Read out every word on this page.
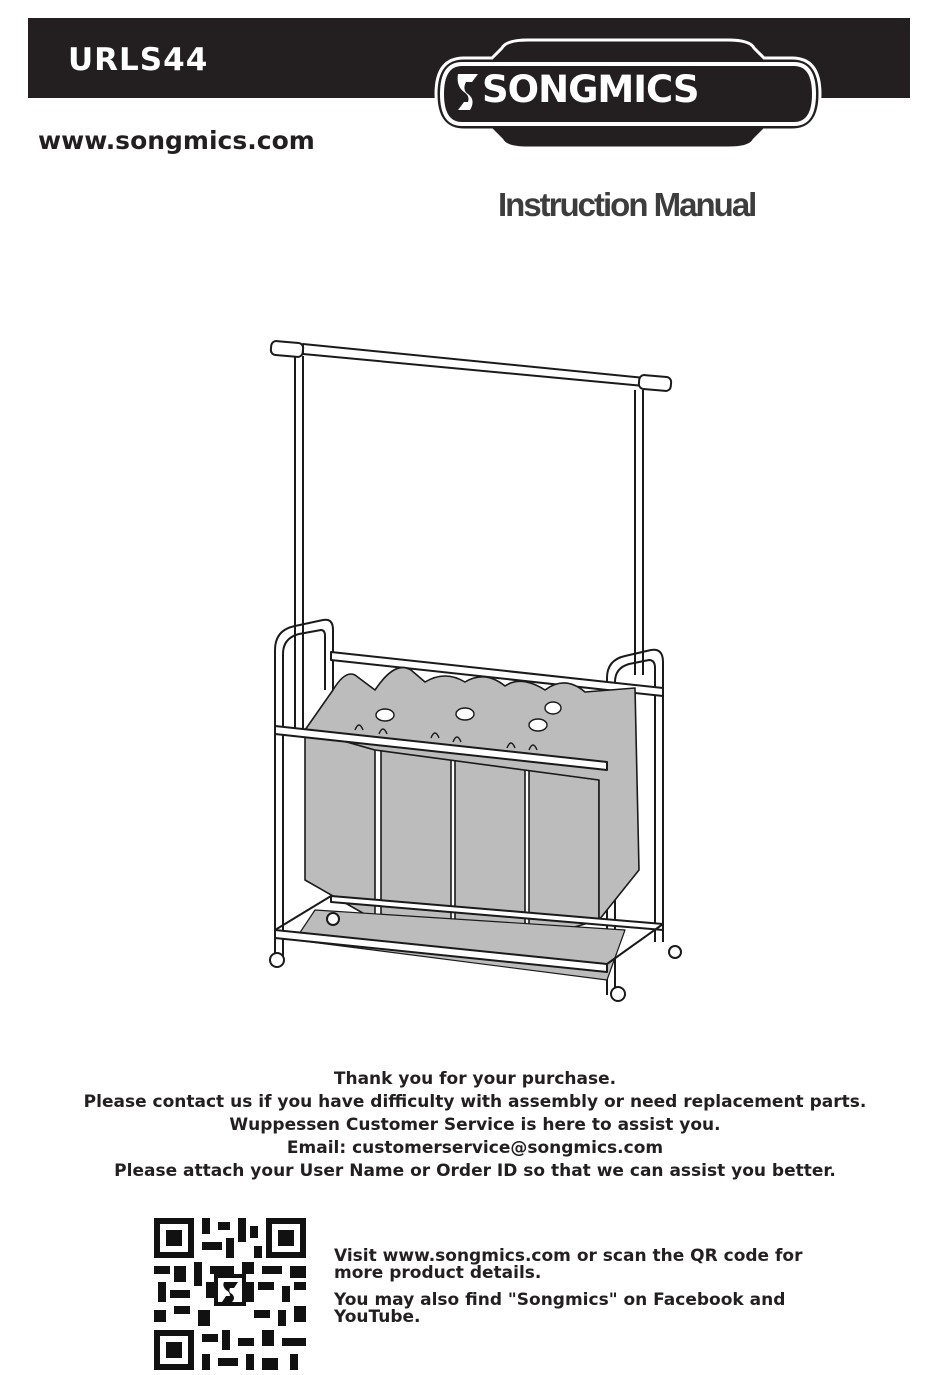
URLS44
SONGMICS
www.songmics.com
Instruction Manual
Thank you for your purchase.
Please contact us if you have difficulty with assembly or need replacement parts.
Wuppessen Customer Service is here to assist you.
Email: customerservice@songmics.com
Please attach your User Name or Order ID so that we can assist you better.

Visit www.songmics.com or scan the QR code for more product details.

You may also find "Songmics" on Facebook and YouTube.
